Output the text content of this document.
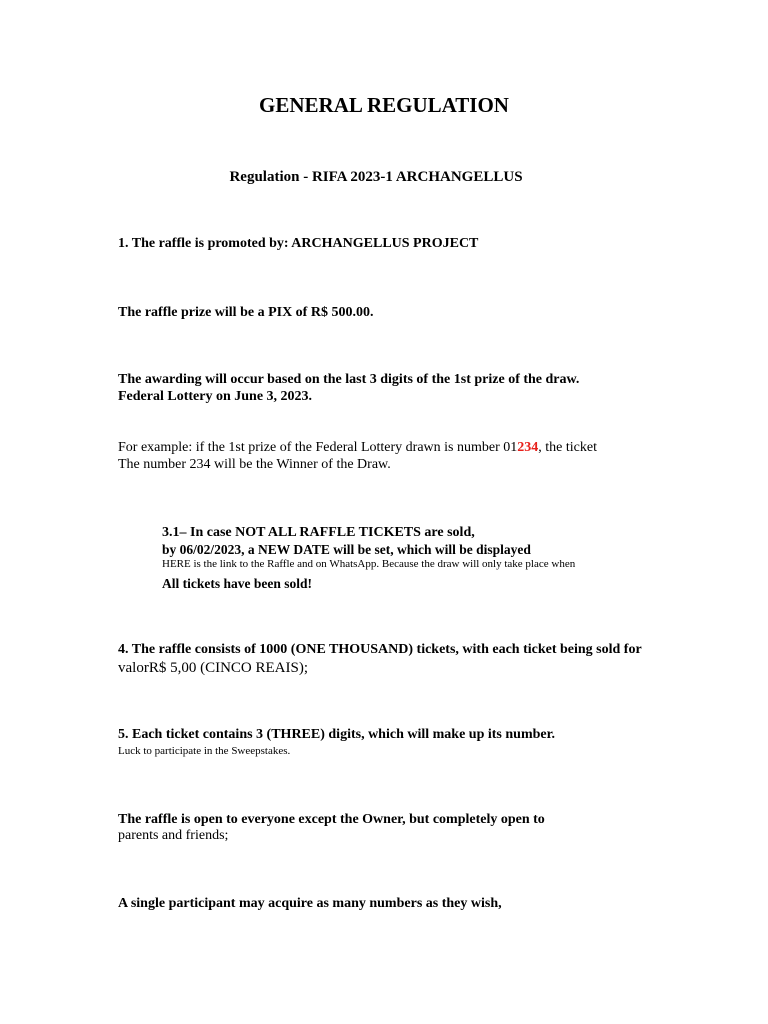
GENERAL REGULATION
Regulation - RIFA 2023-1 ARCHANGELLUS
1. The raffle is promoted by: ARCHANGELLUS PROJECT
The raffle prize will be a PIX of R$ 500.00.
The awarding will occur based on the last 3 digits of the 1st prize of the draw.
Federal Lottery on June 3, 2023.
For example: if the 1st prize of the Federal Lottery drawn is number 01234, the ticket
The number 234 will be the Winner of the Draw.
3.1– In case NOT ALL RAFFLE TICKETS are sold,
by 06/02/2023, a NEW DATE will be set, which will be displayed
HERE is the link to the Raffle and on WhatsApp. Because the draw will only take place when
All tickets have been sold!
4. The raffle consists of 1000 (ONE THOUSAND) tickets, with each ticket being sold for
valorR$ 5,00 (CINCO REAIS);
5. Each ticket contains 3 (THREE) digits, which will make up its number.
Luck to participate in the Sweepstakes.
The raffle is open to everyone except the Owner, but completely open to
parents and friends;
A single participant may acquire as many numbers as they wish,
